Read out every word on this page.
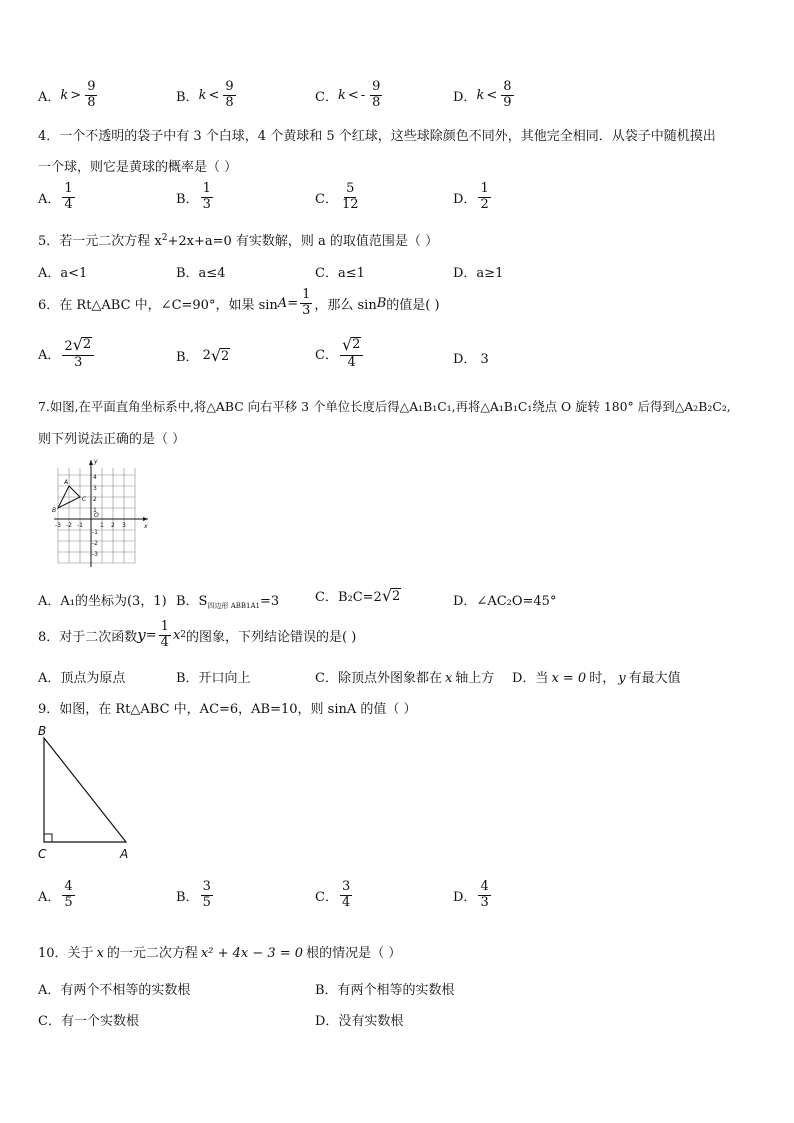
A． $k > \frac{9}{8}$	B． $k < \frac{9}{8}$	C． k < - $\frac{9}{8}$	D． $k < \frac{8}{9}$
4．一个不透明的袋子中有 3 个白球，4 个黄球和 5 个红球，这些球除颜色不同外，其他完全相同．从袋子中随机摸出
一个球，则它是黄球的概率是（ ）
A． $\frac{1}{4}$	B． $\frac{1}{3}$	C． $\frac{5}{12}$	D． $\frac{1}{2}$
5．若一元二次方程 $x^2+2x+a=0$ 有实数解，则 a 的取值范围是（ ）
A．a<1	B．a≤4	C．a≤1	D．a≥1
6．在 Rt△ABC 中，∠C=90°，如果 $\sin A = \frac{1}{3}$ ，那么 sin B 的值是( )
A． $\frac{2 √ 2}{3}$	B． 2 √ 2	C． $\frac{√ 2}{4}$	D． 3
7.如图,在平面直角坐标系中,将△ABC 向右平移 3 个单位长度后得△A₁B₁C₁,再将△A₁B₁C₁绕点 O 旋转 180° 后得到△A₂B₂C₂,
则下列说法正确的是（ ）
y
x
O
A
B
C
-3 -2 -1	1 2 3
4
3
2
1
-1
-2
-3
A．A₁的坐标为(3，1) B．$S_{四边形 ABB1A1}=3$	C．B₂C=2 √ 2	D．∠AC₂O=45°
8．对于二次函数 $y = \frac{1}{4}$ x 2 的图象，下列结论错误的是( )
A．顶点为原点	B．开口向上	C．除顶点外图象都在 x 轴上方 D．当 x = 0 时， y 有最大值
9．如图，在 Rt△ABC 中，AC=6，AB=10，则 sinA 的值（ ）
B
C	A
A． $\frac{4}{5}$	B． $\frac{3}{5}$	C． $\frac{3}{4}$	D． $\frac{4}{3}$
10．关于 x 的一元二次方程 x² + 4x − 3 = 0 根的情况是（ ）
A．有两个不相等的实数根	B．有两个相等的实数根
C．有一个实数根	D．没有实数根
